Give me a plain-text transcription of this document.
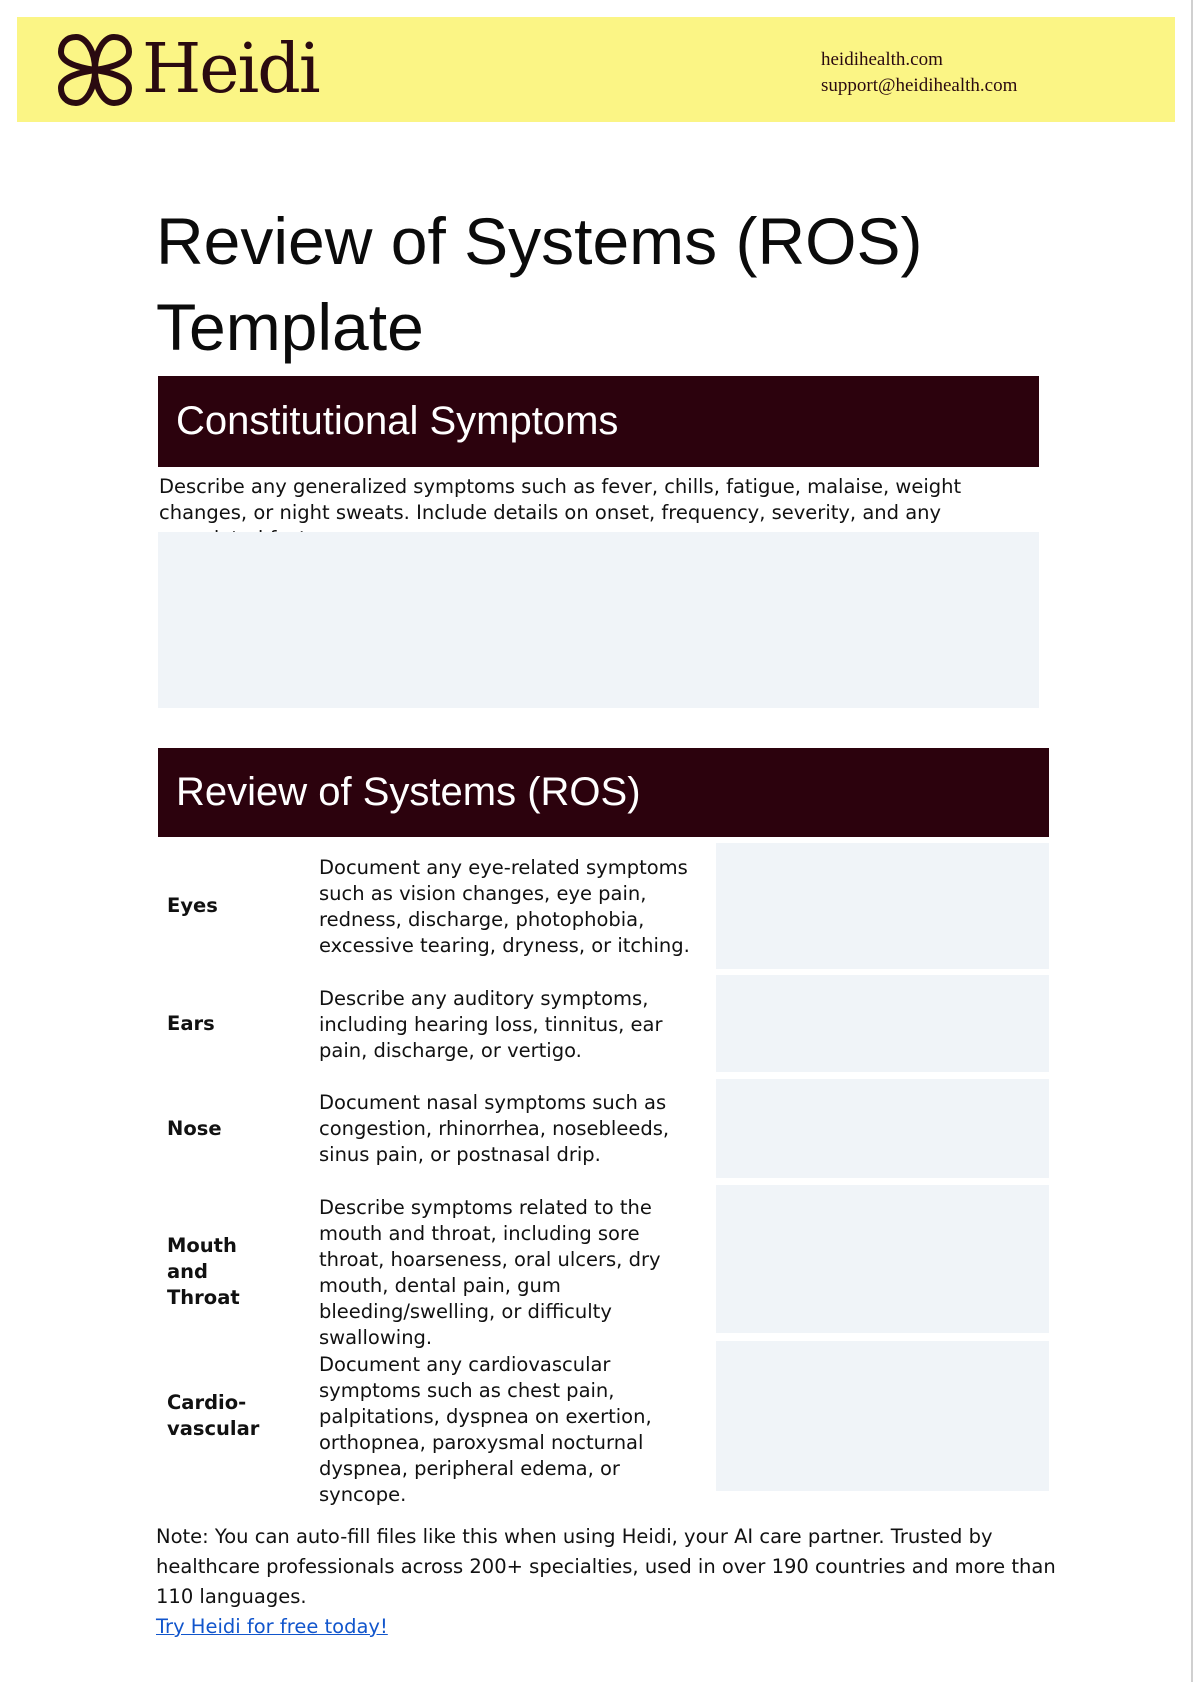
Heidi	heidihealth.com
support@heidihealth.com
Review of Systems (ROS) Template
Constitutional Symptoms
Describe any generalized symptoms such as fever, chills, fatigue, malaise, weight changes, or night sweats. Include details on onset, frequency, severity, and any
Review of Systems (ROS)
Eyes
Document any eye-related symptoms such as vision changes, eye pain, redness, discharge, photophobia, excessive tearing, dryness, or itching.
Ears
Describe any auditory symptoms, including hearing loss, tinnitus, ear pain, discharge, or vertigo.
Nose
Document nasal symptoms such as congestion, rhinorrhea, nosebleeds, sinus pain, or postnasal drip.
Mouth and Throat
Describe symptoms related to the mouth and throat, including sore throat, hoarseness, oral ulcers, dry mouth, dental pain, gum bleeding/swelling, or difficulty swallowing.
Cardio-vascular
Document any cardiovascular symptoms such as chest pain, palpitations, dyspnea on exertion, orthopnea, paroxysmal nocturnal dyspnea, peripheral edema, or syncope.
Note: You can auto-fill files like this when using Heidi, your AI care partner. Trusted by healthcare professionals across 200+ specialties, used in over 190 countries and more than 110 languages.
Try Heidi for free today!
